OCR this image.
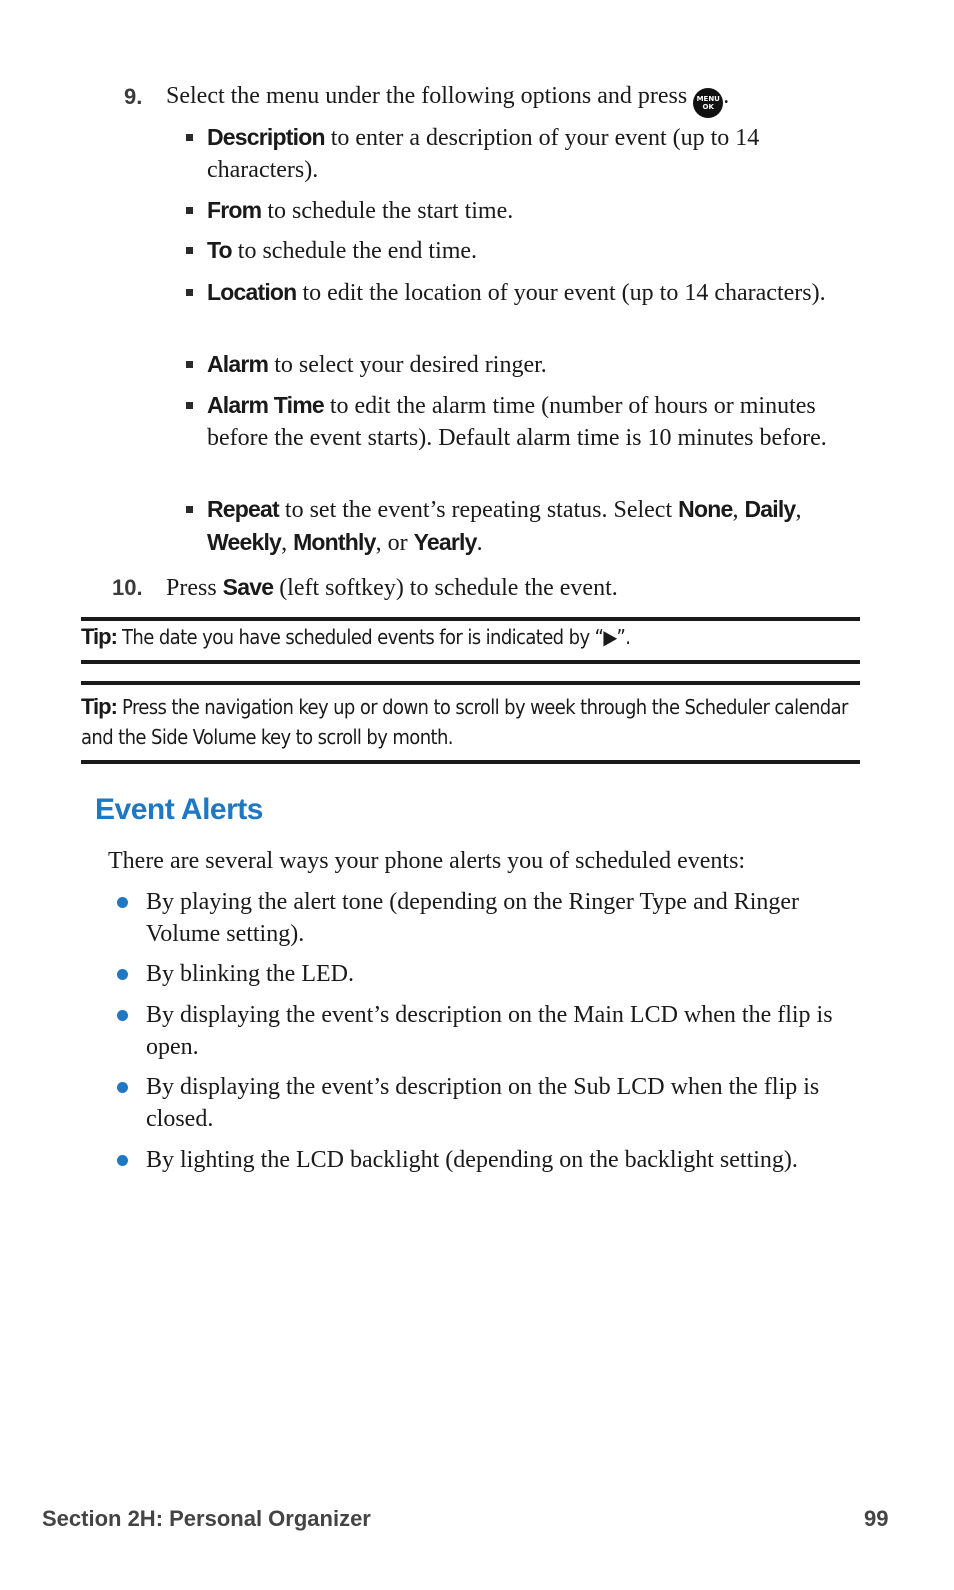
9. Select the menu under the following options and press MENU
OK .
Description to enter a description of your event (up to 14 characters).
From to schedule the start time.
To to schedule the end time.
Location to edit the location of your event (up to 14 characters).
Alarm to select your desired ringer.
Alarm Time to edit the alarm time (number of hours or minutes before the event starts). Default alarm time is 10 minutes before.
Repeat to set the event’s repeating status. Select None, Daily, Weekly, Monthly, or Yearly.
10. Press Save (left softkey) to schedule the event.
Tip: The date you have scheduled events for is indicated by “▶”.
Tip: Press the navigation key up or down to scroll by week through the Scheduler calendar and the Side Volume key to scroll by month.
Event Alerts
There are several ways your phone alerts you of scheduled events:
By playing the alert tone (depending on the Ringer Type and Ringer Volume setting).
By blinking the LED.
By displaying the event’s description on the Main LCD when the flip is open.
By displaying the event’s description on the Sub LCD when the flip is closed.
By lighting the LCD backlight (depending on the backlight setting).
Section 2H: Personal Organizer	99
